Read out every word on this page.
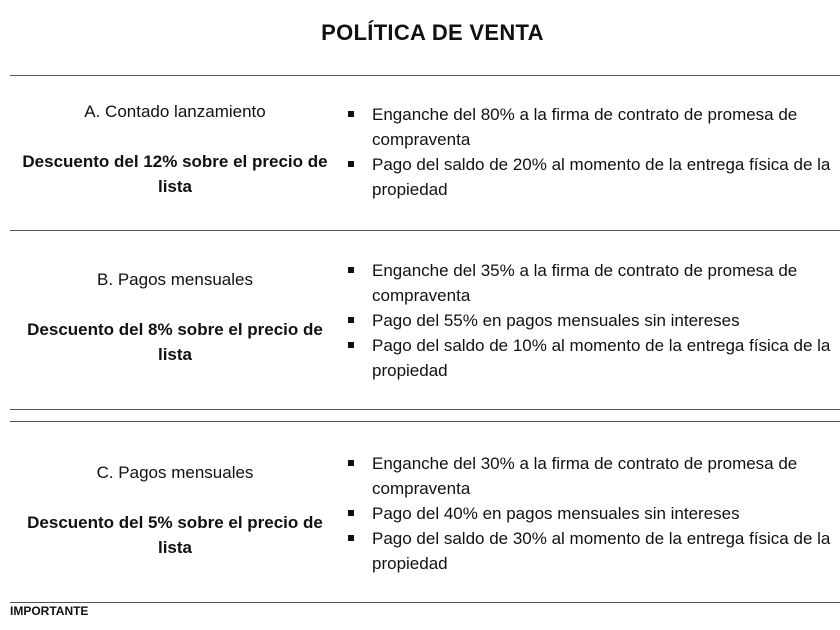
POLÍTICA DE VENTA
A. Contado lanzamiento
Descuento del 12% sobre el precio de lista
Enganche del 80% a la firma de contrato de promesa de compraventa
Pago del saldo de 20% al momento de la entrega física de la propiedad
B. Pagos mensuales
Descuento del 8% sobre el precio de lista
Enganche del 35% a la firma de contrato de promesa de compraventa
Pago del 55% en pagos mensuales sin intereses
Pago del saldo de 10% al momento de la entrega física de la propiedad
C. Pagos mensuales
Descuento del 5% sobre el precio de lista
Enganche del 30% a la firma de contrato de promesa de compraventa
Pago del 40% en pagos mensuales sin intereses
Pago del saldo de 30% al momento de la entrega física de la propiedad
IMPORTANTE
